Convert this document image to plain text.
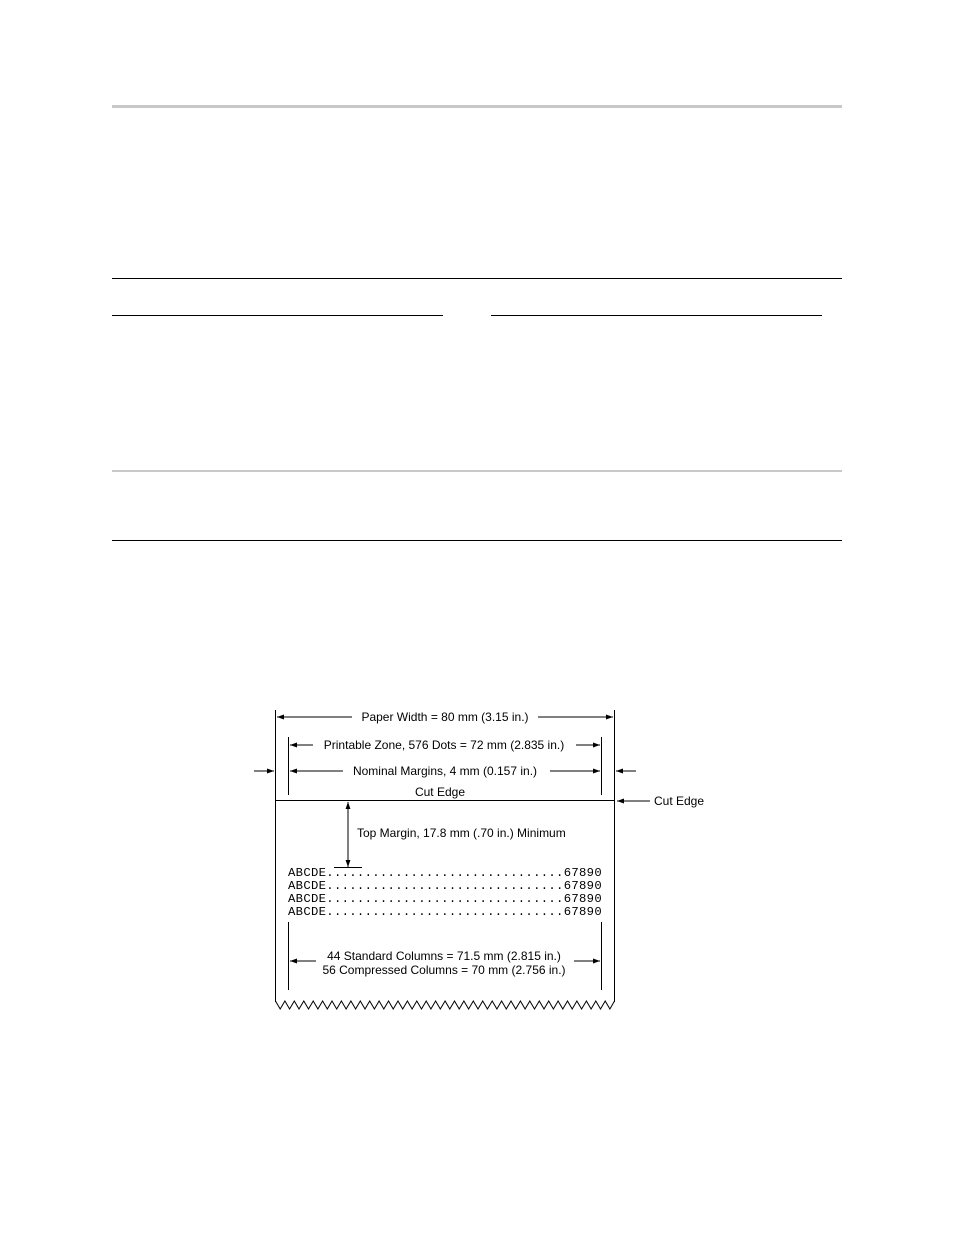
Paper Width = 80 mm (3.15 in.)
Printable Zone, 576 Dots = 72 mm (2.835 in.)
Nominal Margins, 4 mm (0.157 in.)
Cut Edge
Cut Edge
Top Margin, 17.8 mm (.70 in.) Minimum
ABCDE...............................67890
ABCDE...............................67890
ABCDE...............................67890
ABCDE...............................67890
44 Standard Columns = 71.5 mm (2.815 in.)
56 Compressed Columns = 70 mm (2.756 in.)
